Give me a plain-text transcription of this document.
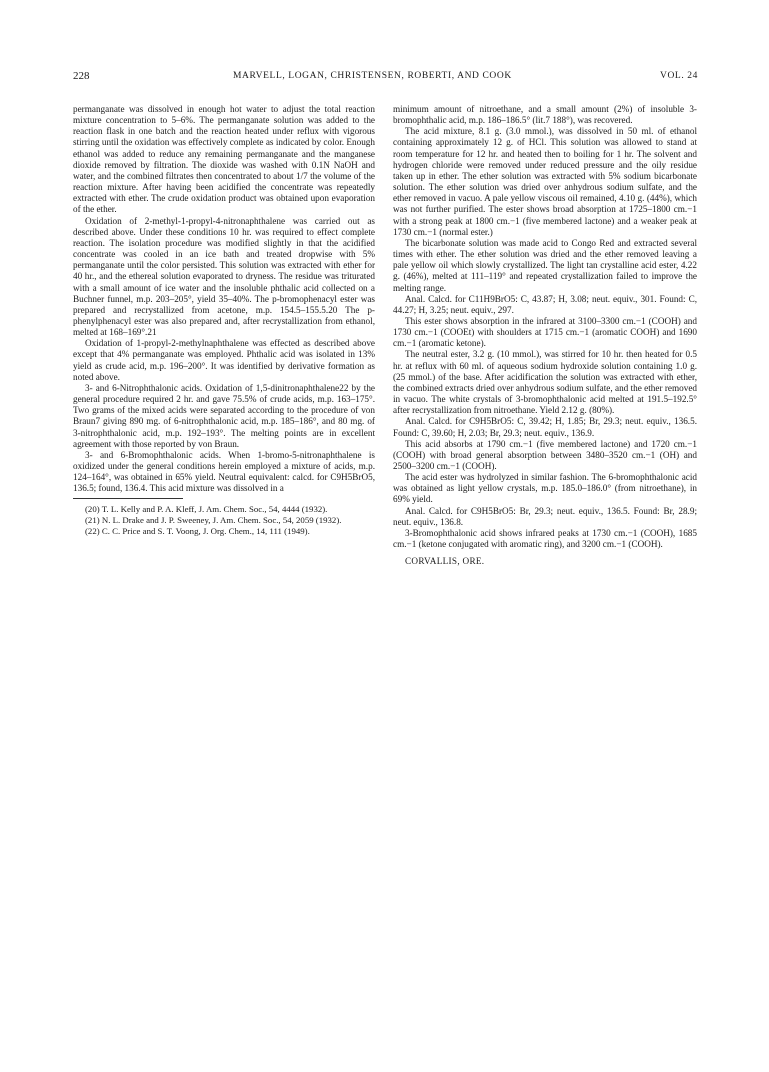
228	MARVELL, LOGAN, CHRISTENSEN, ROBERTI, AND COOK	VOL. 24

permanganate was dissolved in enough hot water to adjust the total reaction mixture concentration to 5–6%. The permanganate solution was added to the reaction flask in one batch and the reaction heated under reflux with vigorous stirring until the oxidation was effectively complete as indicated by color. Enough ethanol was added to reduce any remaining permanganate and the manganese dioxide removed by filtration. The dioxide was washed with 0.1N NaOH and water, and the combined filtrates then concentrated to about 1/7 the volume of the reaction mixture. After having been acidified the concentrate was repeatedly extracted with ether. The crude oxidation product was obtained upon evaporation of the ether.

Oxidation of 2-methyl-1-propyl-4-nitronaphthalene was carried out as described above. Under these conditions 10 hr. was required to effect complete reaction. The isolation procedure was modified slightly in that the acidified concentrate was cooled in an ice bath and treated dropwise with 5% permanganate until the color persisted. This solution was extracted with ether for 40 hr., and the ethereal solution evaporated to dryness. The residue was triturated with a small amount of ice water and the insoluble phthalic acid collected on a Buchner funnel, m.p. 203–205°, yield 35–40%. The p-bromophenacyl ester was prepared and recrystallized from acetone, m.p. 154.5–155.5.20 The p-phenylphenacyl ester was also prepared and, after recrystallization from ethanol, melted at 168–169°.21

Oxidation of 1-propyl-2-methylnaphthalene was effected as described above except that 4% permanganate was employed. Phthalic acid was isolated in 13% yield as crude acid, m.p. 196–200°. It was identified by derivative formation as noted above.

3- and 6-Nitrophthalonic acids. Oxidation of 1,5-dinitronaphthalene22 by the general procedure required 2 hr. and gave 75.5% of crude acids, m.p. 163–175°. Two grams of the mixed acids were separated according to the procedure of von Braun7 giving 890 mg. of 6-nitrophthalonic acid, m.p. 185–186°, and 80 mg. of 3-nitrophthalonic acid, m.p. 192–193°. The melting points are in excellent agreement with those reported by von Braun.

3- and 6-Bromophthalonic acids. When 1-bromo-5-nitronaphthalene is oxidized under the general conditions herein employed a mixture of acids, m.p. 124–164°, was obtained in 65% yield. Neutral equivalent: calcd. for C9H5BrO5, 136.5; found, 136.4. This acid mixture was dissolved in a

(20) T. L. Kelly and P. A. Kleff, J. Am. Chem. Soc., 54, 4444 (1932).

(21) N. L. Drake and J. P. Sweeney, J. Am. Chem. Soc., 54, 2059 (1932).

(22) C. C. Price and S. T. Voong, J. Org. Chem., 14, 111 (1949).

minimum amount of nitroethane, and a small amount (2%) of insoluble 3-bromophthalic acid, m.p. 186–186.5° (lit.7 188°), was recovered.

The acid mixture, 8.1 g. (3.0 mmol.), was dissolved in 50 ml. of ethanol containing approximately 12 g. of HCl. This solution was allowed to stand at room temperature for 12 hr. and heated then to boiling for 1 hr. The solvent and hydrogen chloride were removed under reduced pressure and the oily residue taken up in ether. The ether solution was extracted with 5% sodium bicarbonate solution. The ether solution was dried over anhydrous sodium sulfate, and the ether removed in vacuo. A pale yellow viscous oil remained, 4.10 g. (44%), which was not further purified. The ester shows broad absorption at 1725–1800 cm.−1 with a strong peak at 1800 cm.−1 (five membered lactone) and a weaker peak at 1730 cm.−1 (normal ester.)

The bicarbonate solution was made acid to Congo Red and extracted several times with ether. The ether solution was dried and the ether removed leaving a pale yellow oil which slowly crystallized. The light tan crystalline acid ester, 4.22 g. (46%), melted at 111–119° and repeated crystallization failed to improve the melting range.

Anal. Calcd. for C11H9BrO5: C, 43.87; H, 3.08; neut. equiv., 301. Found: C, 44.27; H, 3.25; neut. equiv., 297.

This ester shows absorption in the infrared at 3100–3300 cm.−1 (COOH) and 1730 cm.−1 (COOEt) with shoulders at 1715 cm.−1 (aromatic COOH) and 1690 cm.−1 (aromatic ketone).

The neutral ester, 3.2 g. (10 mmol.), was stirred for 10 hr. then heated for 0.5 hr. at reflux with 60 ml. of aqueous sodium hydroxide solution containing 1.0 g. (25 mmol.) of the base. After acidification the solution was extracted with ether, the combined extracts dried over anhydrous sodium sulfate, and the ether removed in vacuo. The white crystals of 3-bromophthalonic acid melted at 191.5–192.5° after recrystallization from nitroethane. Yield 2.12 g. (80%).

Anal. Calcd. for C9H5BrO5: C, 39.42; H, 1.85; Br, 29.3; neut. equiv., 136.5. Found: C, 39.60; H, 2.03; Br, 29.3; neut. equiv., 136.9.

This acid absorbs at 1790 cm.−1 (five membered lactone) and 1720 cm.−1 (COOH) with broad general absorption between 3480–3520 cm.−1 (OH) and 2500–3200 cm.−1 (COOH).

The acid ester was hydrolyzed in similar fashion. The 6-bromophthalonic acid was obtained as light yellow crystals, m.p. 185.0–186.0° (from nitroethane), in 69% yield.

Anal. Calcd. for C9H5BrO5: Br, 29.3; neut. equiv., 136.5. Found: Br, 28.9; neut. equiv., 136.8.

3-Bromophthalonic acid shows infrared peaks at 1730 cm.−1 (COOH), 1685 cm.−1 (ketone conjugated with aromatic ring), and 3200 cm.−1 (COOH).

CORVALLIS, ORE.
